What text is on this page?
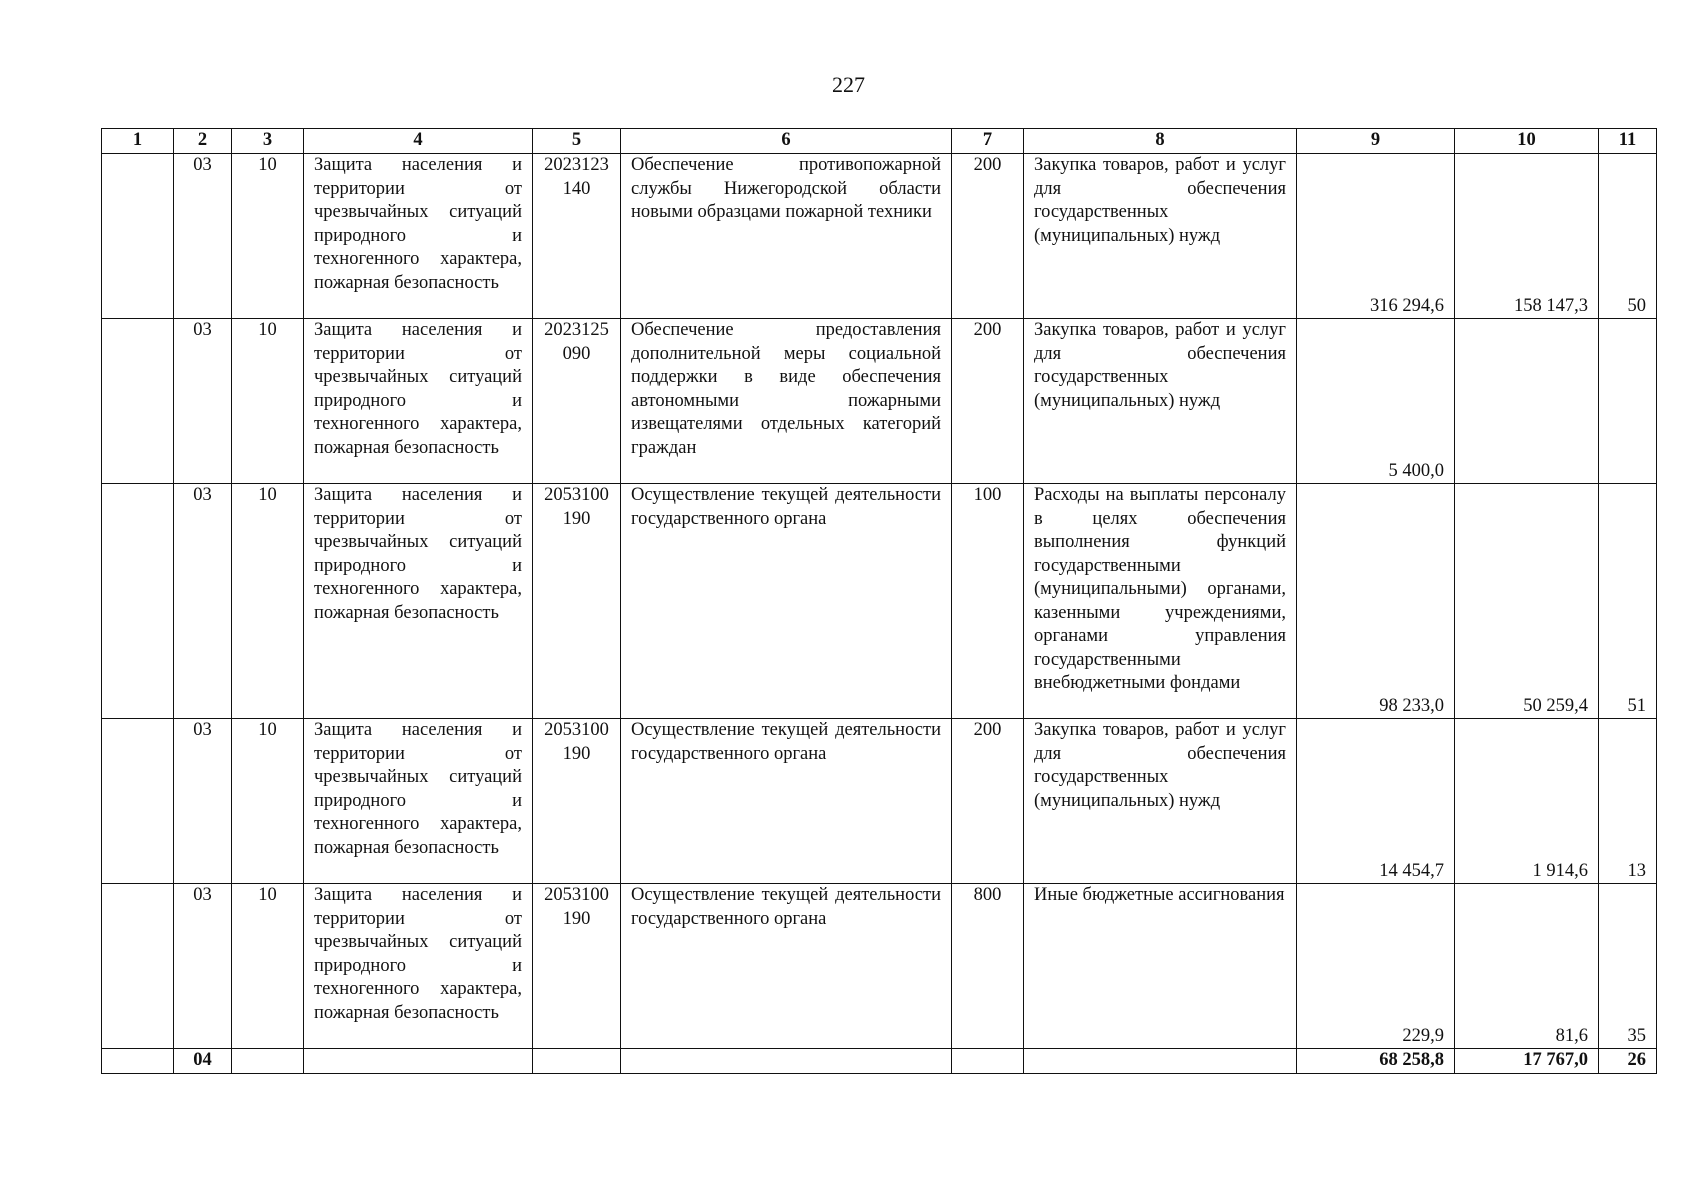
227
1	2	3	4	5	6	7	8	9	10	11
	03	10	Защита населения и территории от чрезвычайных ситуаций природного и техногенного характера, пожарная безопасность	2023123140	Обеспечение противопожарной службы Нижегородской области новыми образцами пожарной техники	200	Закупка товаров, работ и услуг для обеспечения государственных (муниципальных) нужд	316 294,6	158 147,3	50
	03	10	Защита населения и территории от чрезвычайных ситуаций природного и техногенного характера, пожарная безопасность	2023125090	Обеспечение предоставления дополнительной меры социальной поддержки в виде обеспечения автономными пожарными извещателями отдельных категорий граждан	200	Закупка товаров, работ и услуг для обеспечения государственных (муниципальных) нужд	5 400,0		
	03	10	Защита населения и территории от чрезвычайных ситуаций природного и техногенного характера, пожарная безопасность	2053100190	Осуществление текущей деятельности государственного органа	100	Расходы на выплаты персоналу в целях обеспечения выполнения функций государственными (муниципальными) органами, казенными учреждениями, органами управления государственными внебюджетными фондами	98 233,0	50 259,4	51
	03	10	Защита населения и территории от чрезвычайных ситуаций природного и техногенного характера, пожарная безопасность	2053100190	Осуществление текущей деятельности государственного органа	200	Закупка товаров, работ и услуг для обеспечения государственных (муниципальных) нужд	14 454,7	1 914,6	13
	03	10	Защита населения и территории от чрезвычайных ситуаций природного и техногенного характера, пожарная безопасность	2053100190	Осуществление текущей деятельности государственного органа	800	Иные бюджетные ассигнования	229,9	81,6	35
	04							68 258,8	17 767,0	26
